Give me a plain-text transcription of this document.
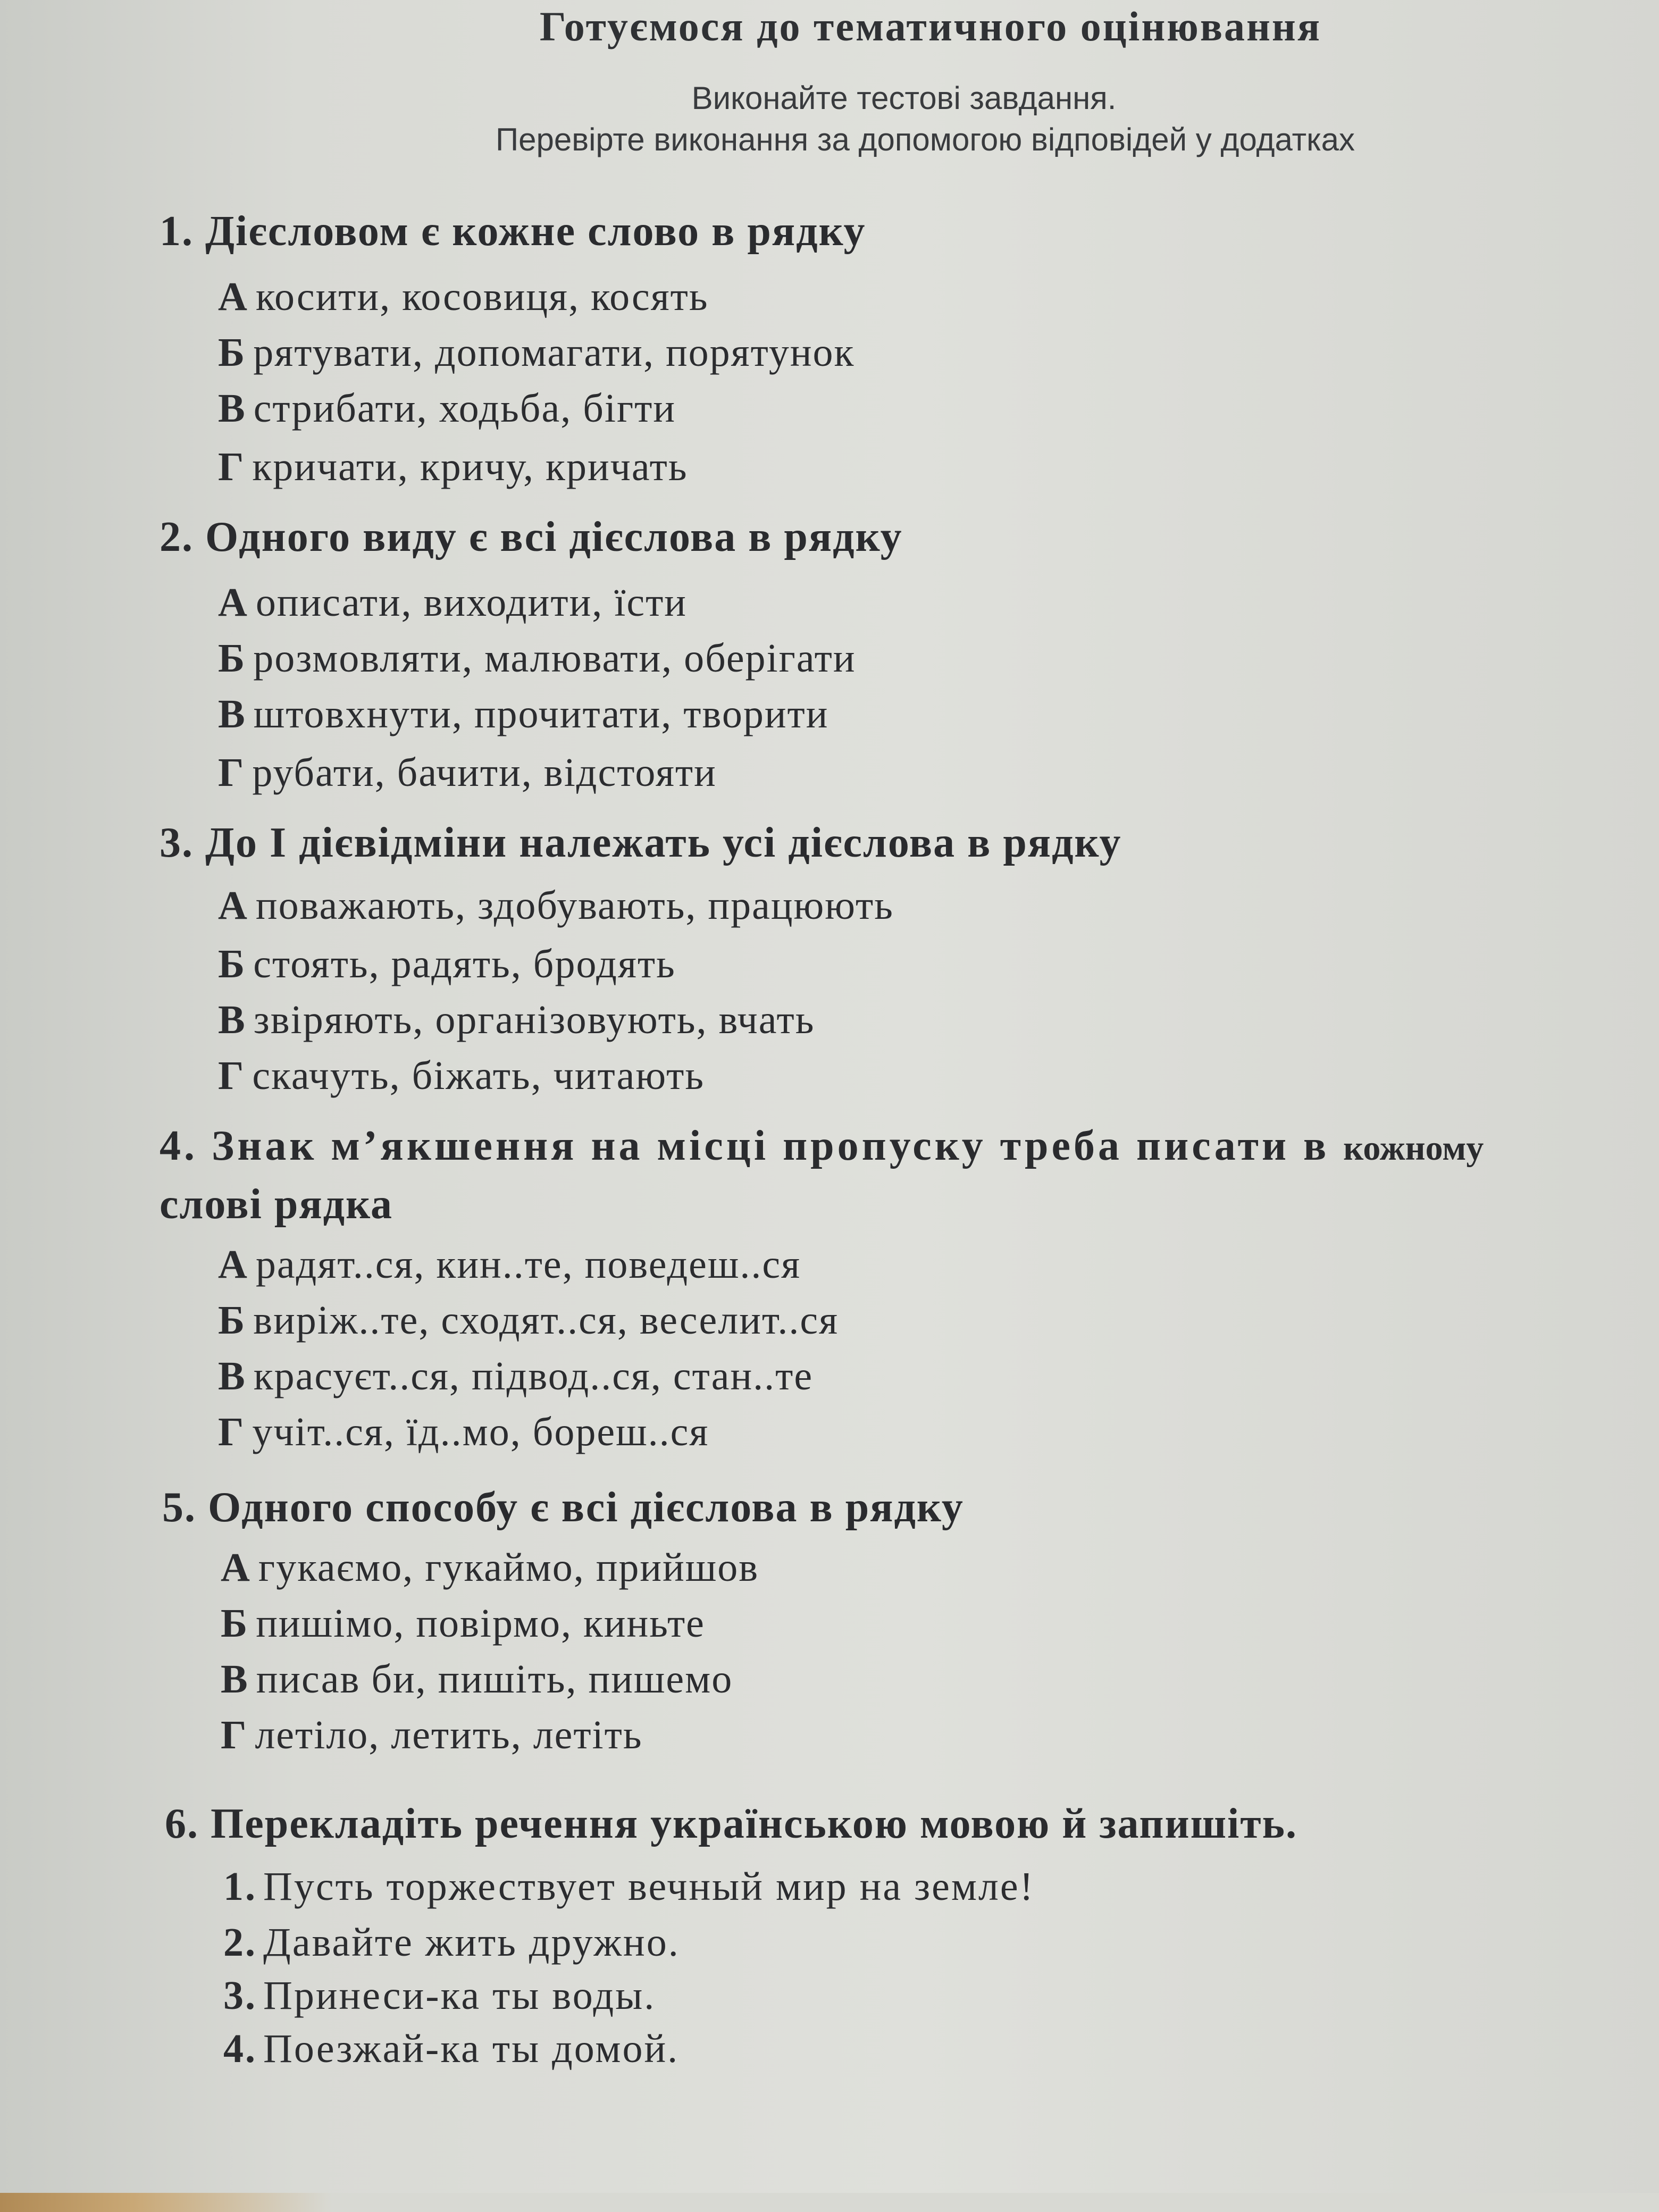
Готуємося до тематичного оцінювання
Виконайте тестові завдання.
Перевірте виконання за допомогою відповідей у додатках
1. Дієсловом є кожне слово в рядку
А косити, косовиця, косять
Б рятувати, допомагати, порятунок
В стрибати, ходьба, бігти
Г кричати, кричу, кричать
2. Одного виду є всі дієслова в рядку
А описати, виходити, їсти
Б розмовляти, малювати, оберігати
В штовхнути, прочитати, творити
Г рубати, бачити, відстояти
3. До І дієвідміни належать усі дієслова в рядку
А поважають, здобувають, працюють
Б стоять, радять, бродять
В звіряють, організовують, вчать
Г скачуть, біжать, читають
4. Знак м’якшення на місці пропуску треба писати в кожному
слові рядка
А радят..ся, кин..те, поведеш..ся
Б виріж..те, сходят..ся, веселит..ся
В красуєт..ся, підвод..ся, стан..те
Г учіт..ся, їд..мо, бореш..ся
5. Одного способу є всі дієслова в рядку
А гукаємо, гукаймо, прийшов
Б пишімо, повірмо, киньте
В писав би, пишіть, пишемо
Г летіло, летить, летіть
6. Перекладіть речення українською мовою й запишіть.
1. Пусть торжествует вечный мир на земле!
2. Давайте жить дружно.
3. Принеси-ка ты воды.
4. Поезжай-ка ты домой.
